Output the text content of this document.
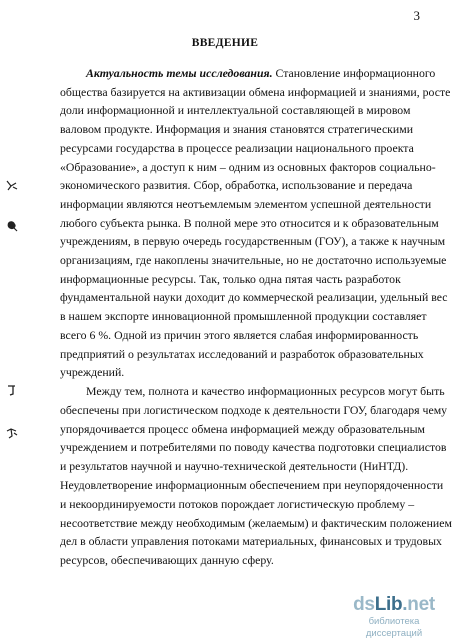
3
ВВЕДЕНИЕ
Актуальность темы исследования. Становление информационного
общества базируется на активизации обмена информацией и знаниями, росте
доли информационной и интеллектуальной составляющей в мировом
валовом продукте. Информация и знания становятся стратегическими
ресурсами государства в процессе реализации национального проекта
«Образование», а доступ к ним – одним из основных факторов социально-
экономического развития. Сбор, обработка, использование и передача
информации являются неотъемлемым элементом успешной деятельности
любого субъекта рынка. В полной мере это относится и к образовательным
учреждениям, в первую очередь государственным (ГОУ), а также к научным
организациям, где накоплены значительные, но не достаточно используемые
информационные ресурсы. Так, только одна пятая часть разработок
фундаментальной науки доходит до коммерческой реализации, удельный вес
в нашем экспорте инновационной промышленной продукции составляет
всего 6 %. Одной из причин этого является слабая информированность
предприятий о результатах исследований и разработок образовательных
учреждений.
Между тем, полнота и качество информационных ресурсов могут быть
обеспечены при логистическом подходе к деятельности ГОУ, благодаря чему
упорядочивается процесс обмена информацией между образовательным
учреждением и потребителями по поводу качества подготовки специалистов
и результатов научной и научно-технической деятельности (НиНТД).
Неудовлетворение информационным обеспечением при неупорядоченности
и некоординируемости потоков порождает логистическую проблему –
несоответствие между необходимым (желаемым) и фактическим положением
дел в области управления потоками материальных, финансовых и трудовых
ресурсов, обеспечивающих данную сферу.
dsLib.net
библиотека диссертаций
